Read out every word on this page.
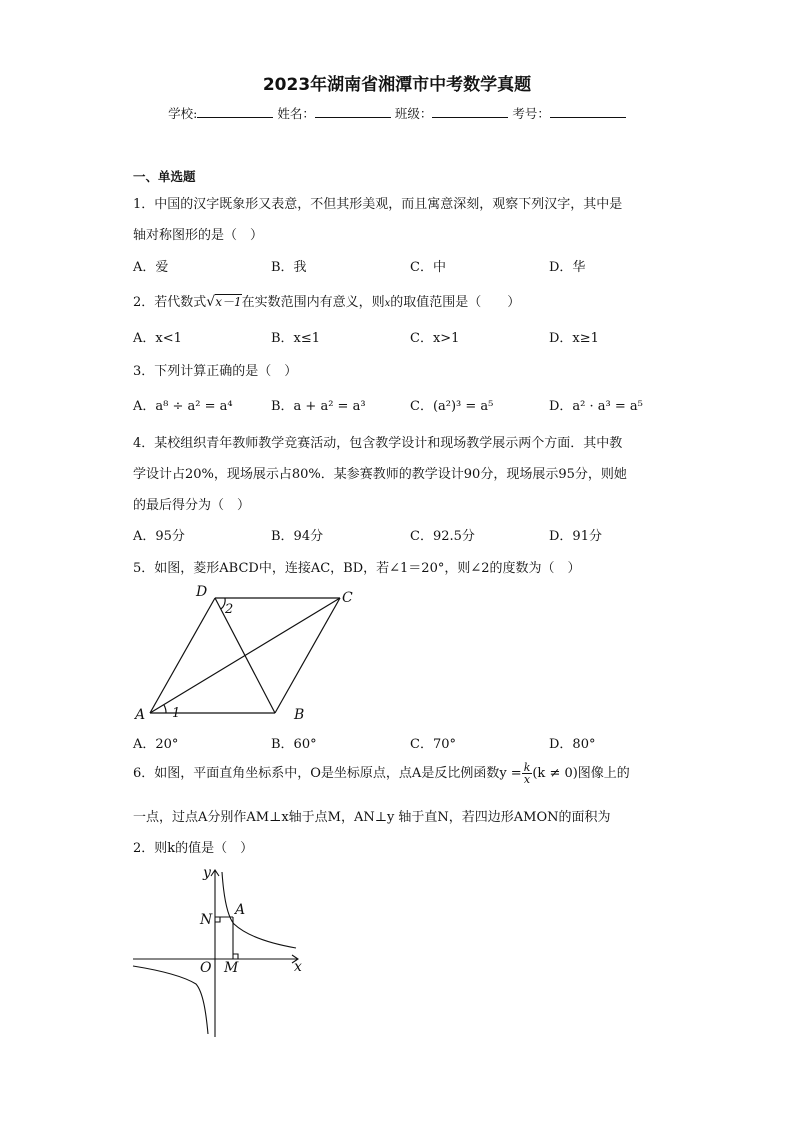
2023年湖南省湘潭市中考数学真题
学校:	姓名：	班级：	考号：
一、单选题
1．中国的汉字既象形又表意，不但其形美观，而且寓意深刻，观察下列汉字，其中是
轴对称图形的是（　）
A．爱	B．我	C．中	D．华
2．若代数式√x－1在实数范围内有意义，则x的取值范围是（　　）
A．x<1	B．x≤1	C．x>1	D．x≥1
3．下列计算正确的是（　）
A．a⁸ ÷ a² = a⁴	B．a + a² = a³	C．(a²)³ = a⁵	D．a² · a³ = a⁵
4．某校组织青年教师教学竞赛活动，包含教学设计和现场教学展示两个方面．其中教
学设计占20%，现场展示占80%．某参赛教师的教学设计90分，现场展示95分，则她
的最后得分为（　）
A．95分	B．94分	C．92.5分	D．91分
5．如图，菱形ABCD中，连接AC，BD，若∠1＝20°，则∠2的度数为（　）
A	B
C
D
1
2
A．20°	B．60°	C．70°	D．80°
6．如图，平面直角坐标系中，O是坐标原点，点A是反比例函数$y = \frac{k}{x} (k \ne 0)$图像上的
一点，过点A分别作AM⊥x轴于点M，AN⊥y 轴于直N，若四边形AMON的面积为
2．则k的值是（　）
y
x
O M
N
A
